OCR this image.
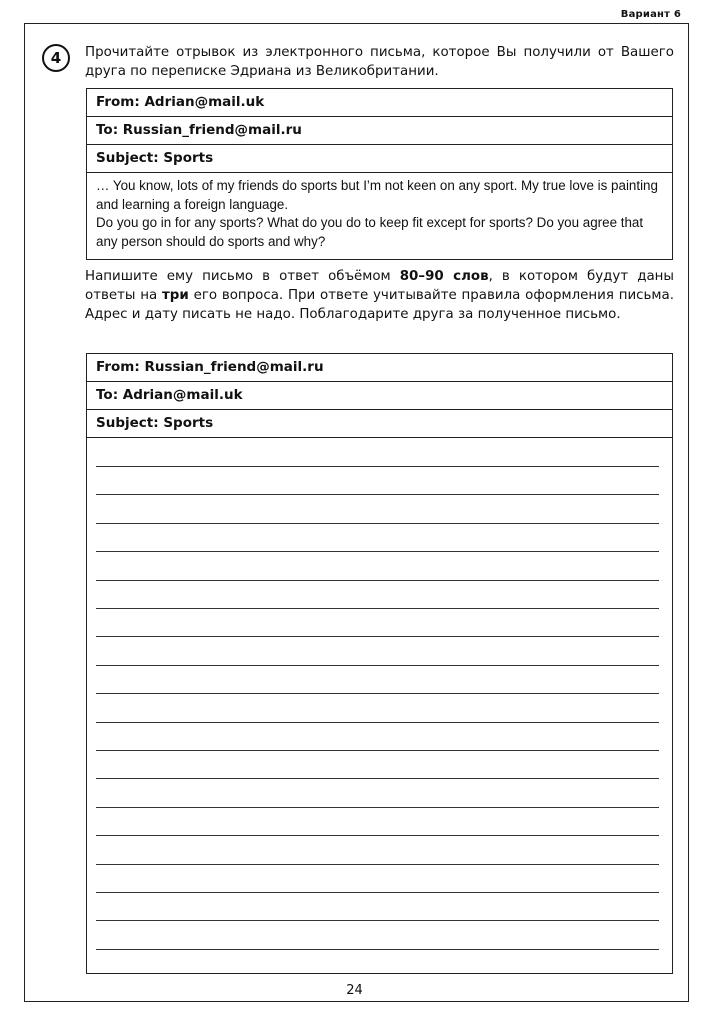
Вариант 6
4	Прочитайте отрывок из электронного письма, которое Вы получили от Вашего друга по переписке Эдриана из Великобритании.

From: Adrian@mail.uk
To: Russian_friend@mail.ru
Subject: Sports
… You know, lots of my friends do sports but I’m not keen on any sport. My true love is painting and learning a foreign language.
Do you go in for any sports? What do you do to keep fit except for sports? Do you agree that any person should do sports and why?

Напишите ему письмо в ответ объёмом 80–90 слов, в котором будут даны ответы на три его вопроса. При ответе учитывайте правила оформления письма. Адрес и дату писать не надо. Поблагодарите друга за полученное письмо.

From: Russian_friend@mail.ru
To: Adrian@mail.uk
Subject: Sports
24
